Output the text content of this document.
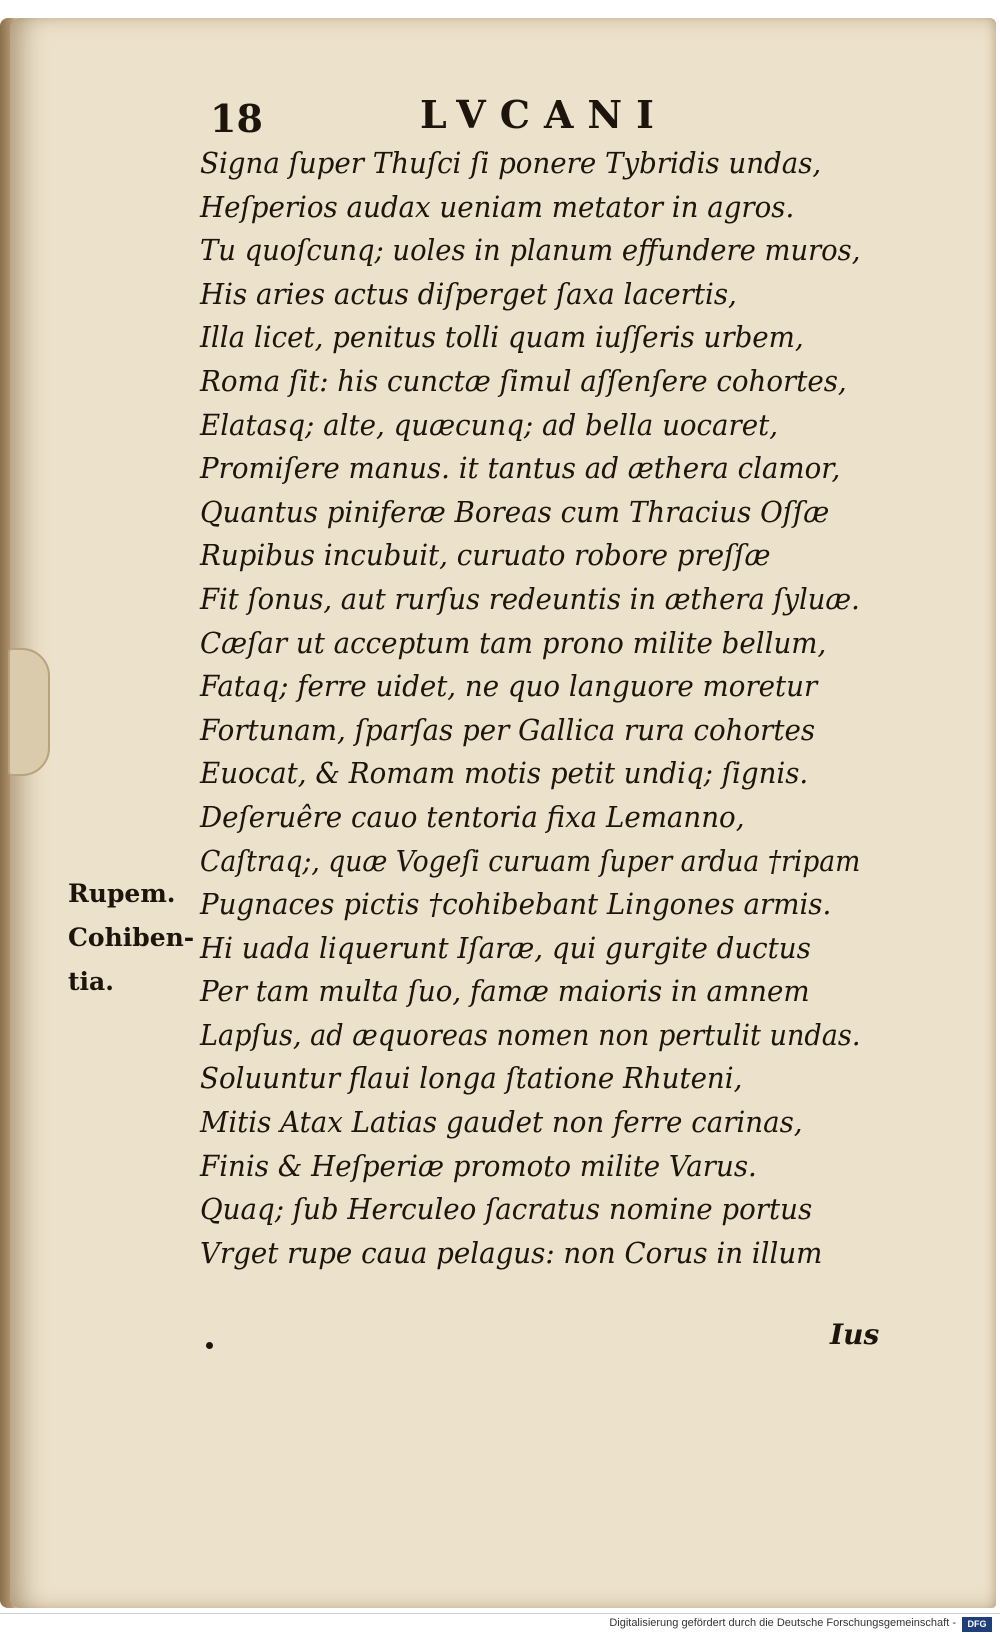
18	LVCANI
Signa ſuper Thuſci ſi ponere Tybridis undas,
Heſperios audax ueniam metator in agros.
Tu quoſcunq; uoles in planum effundere muros,
His aries actus diſperget ſaxa lacertis,
Illa licet, penitus tolli quam iuſſeris urbem,
Roma ſit: his cunctæ ſimul aſſenſere cohortes,
Elatasq; alte, quæcunq; ad bella uocaret,
Promiſere manus. it tantus ad æthera clamor,
Quantus piniferæ Boreas cum Thracius Oſſæ
Rupibus incubuit, curuato robore preſſæ
Fit ſonus, aut rurſus redeuntis in æthera ſyluæ.
Cæſar ut acceptum tam prono milite bellum,
Fataq; ferre uidet, ne quo languore moretur
Fortunam, ſparſas per Gallica rura cohortes
Euocat, & Romam motis petit undiq; ſignis.
Deſeruêre cauo tentoria fixa Lemanno,
Caſtraq;, quæ Vogeſi curuam ſuper ardua †ripam
Pugnaces pictis †cohibebant Lingones armis.
Hi uada liquerunt Iſaræ, qui gurgite ductus
Per tam multa ſuo, famæ maioris in amnem
Lapſus, ad æquoreas nomen non pertulit undas.
Soluuntur flaui longa ſtatione Rhuteni,
Mitis Atax Latias gaudet non ferre carinas,
Finis & Heſperiæ promoto milite Varus.
Quaq; ſub Herculeo ſacratus nomine portus
Vrget rupe caua pelagus: non Corus in illum
Rupem.
Cohiben-
tia.
Ius
Digitalisierung gefördert durch die Deutsche Forschungsgemeinschaft -	DFG
